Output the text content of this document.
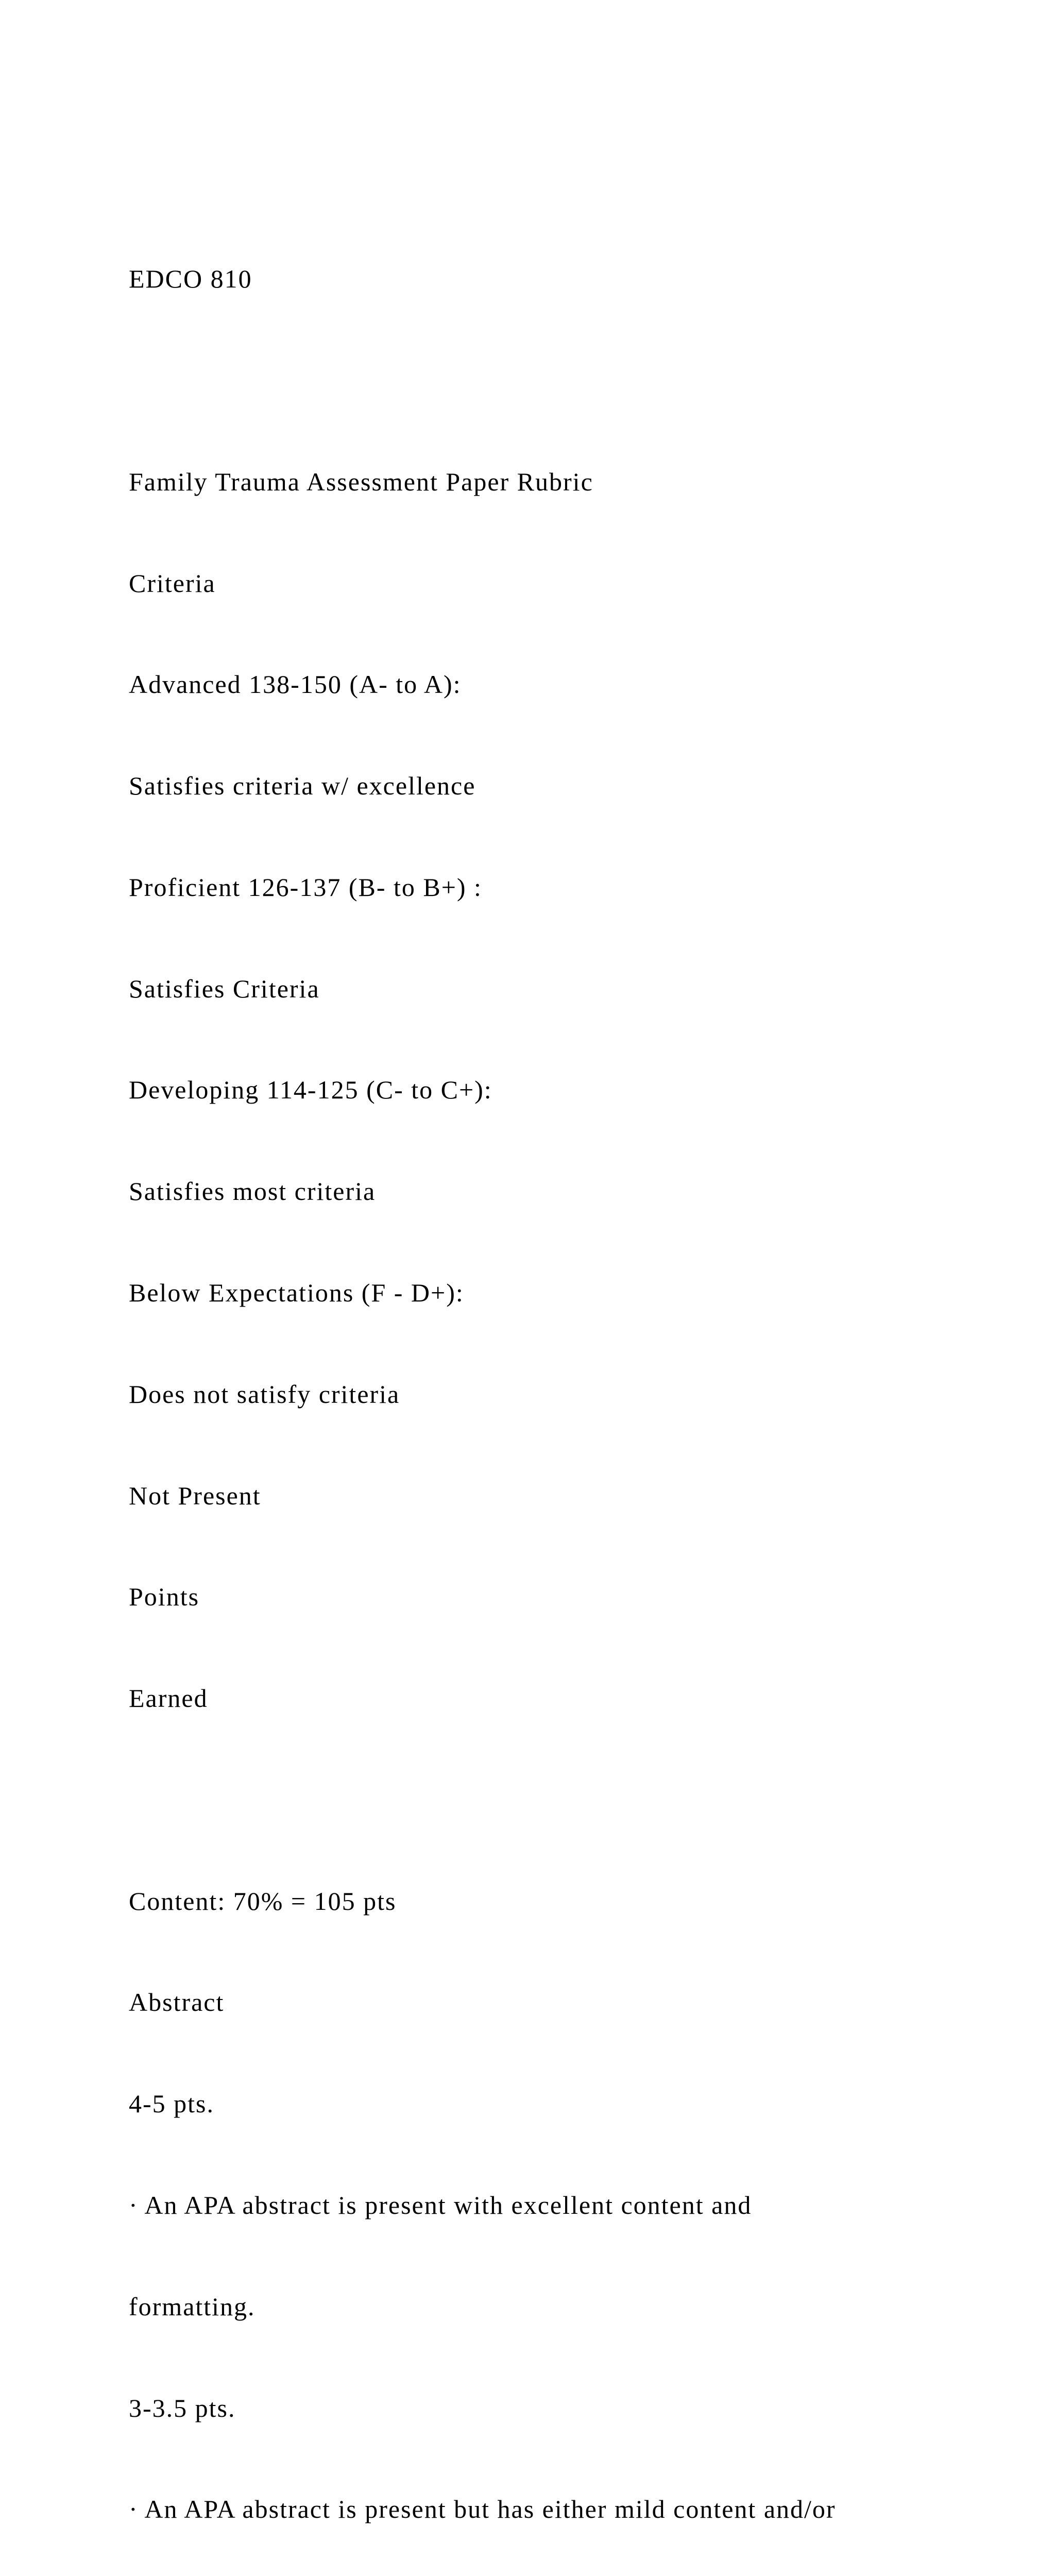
EDCO 810

Family Trauma Assessment Paper Rubric

Criteria

Advanced 138-150 (A- to A):

Satisfies criteria w/ excellence

Proficient 126-137 (B- to B+) :

Satisfies Criteria

Developing 114-125 (C- to C+):

Satisfies most criteria

Below Expectations (F - D+):

Does not satisfy criteria

Not Present

Points

Earned

Content: 70% = 105 pts

Abstract

4-5 pts.

· An APA abstract is present with excellent content and

formatting.

3-3.5 pts.

· An APA abstract is present but has either mild content and/or
